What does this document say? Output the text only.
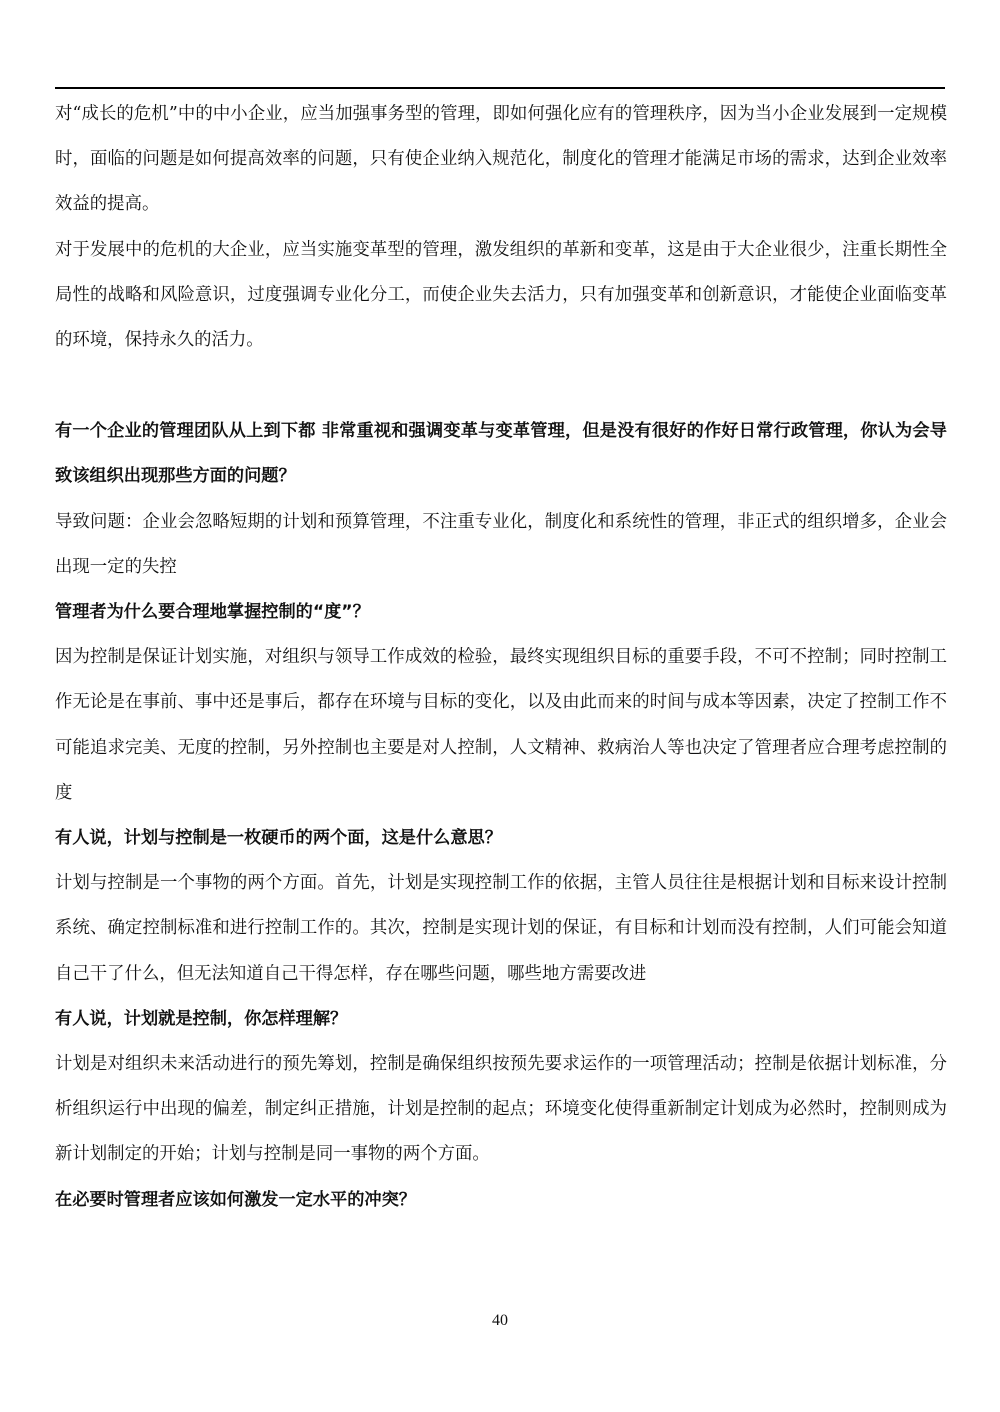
对“成长的危机”中的中小企业，应当加强事务型的管理，即如何强化应有的管理秩序，因为当小企业发展到一定规模时，面临的问题是如何提高效率的问题，只有使企业纳入规范化，制度化的管理才能满足市场的需求，达到企业效率效益的提高。

对于发展中的危机的大企业，应当实施变革型的管理，激发组织的革新和变革，这是由于大企业很少，注重长期性全局性的战略和风险意识，过度强调专业化分工，而使企业失去活力，只有加强变革和创新意识，才能使企业面临变革的环境，保持永久的活力。

有一个企业的管理团队从上到下都 非常重视和强调变革与变革管理，但是没有很好的作好日常行政管理，你认为会导致该组织出现那些方面的问题？

导致问题：企业会忽略短期的计划和预算管理，不注重专业化，制度化和系统性的管理，非正式的组织增多，企业会出现一定的失控

管理者为什么要合理地掌握控制的“度”？

因为控制是保证计划实施，对组织与领导工作成效的检验，最终实现组织目标的重要手段，不可不控制；同时控制工作无论是在事前、事中还是事后，都存在环境与目标的变化，以及由此而来的时间与成本等因素，决定了控制工作不可能追求完美、无度的控制，另外控制也主要是对人控制，人文精神、救病治人等也决定了管理者应合理考虑控制的度

有人说，计划与控制是一枚硬币的两个面，这是什么意思？

计划与控制是一个事物的两个方面。首先，计划是实现控制工作的依据，主管人员往往是根据计划和目标来设计控制系统、确定控制标准和进行控制工作的。其次，控制是实现计划的保证，有目标和计划而没有控制，人们可能会知道自己干了什么，但无法知道自己干得怎样，存在哪些问题，哪些地方需要改进

有人说，计划就是控制，你怎样理解？

计划是对组织未来活动进行的预先筹划，控制是确保组织按预先要求运作的一项管理活动；控制是依据计划标准，分析组织运行中出现的偏差，制定纠正措施，计划是控制的起点；环境变化使得重新制定计划成为必然时，控制则成为新计划制定的开始；计划与控制是同一事物的两个方面。

在必要时管理者应该如何激发一定水平的冲突？

40
